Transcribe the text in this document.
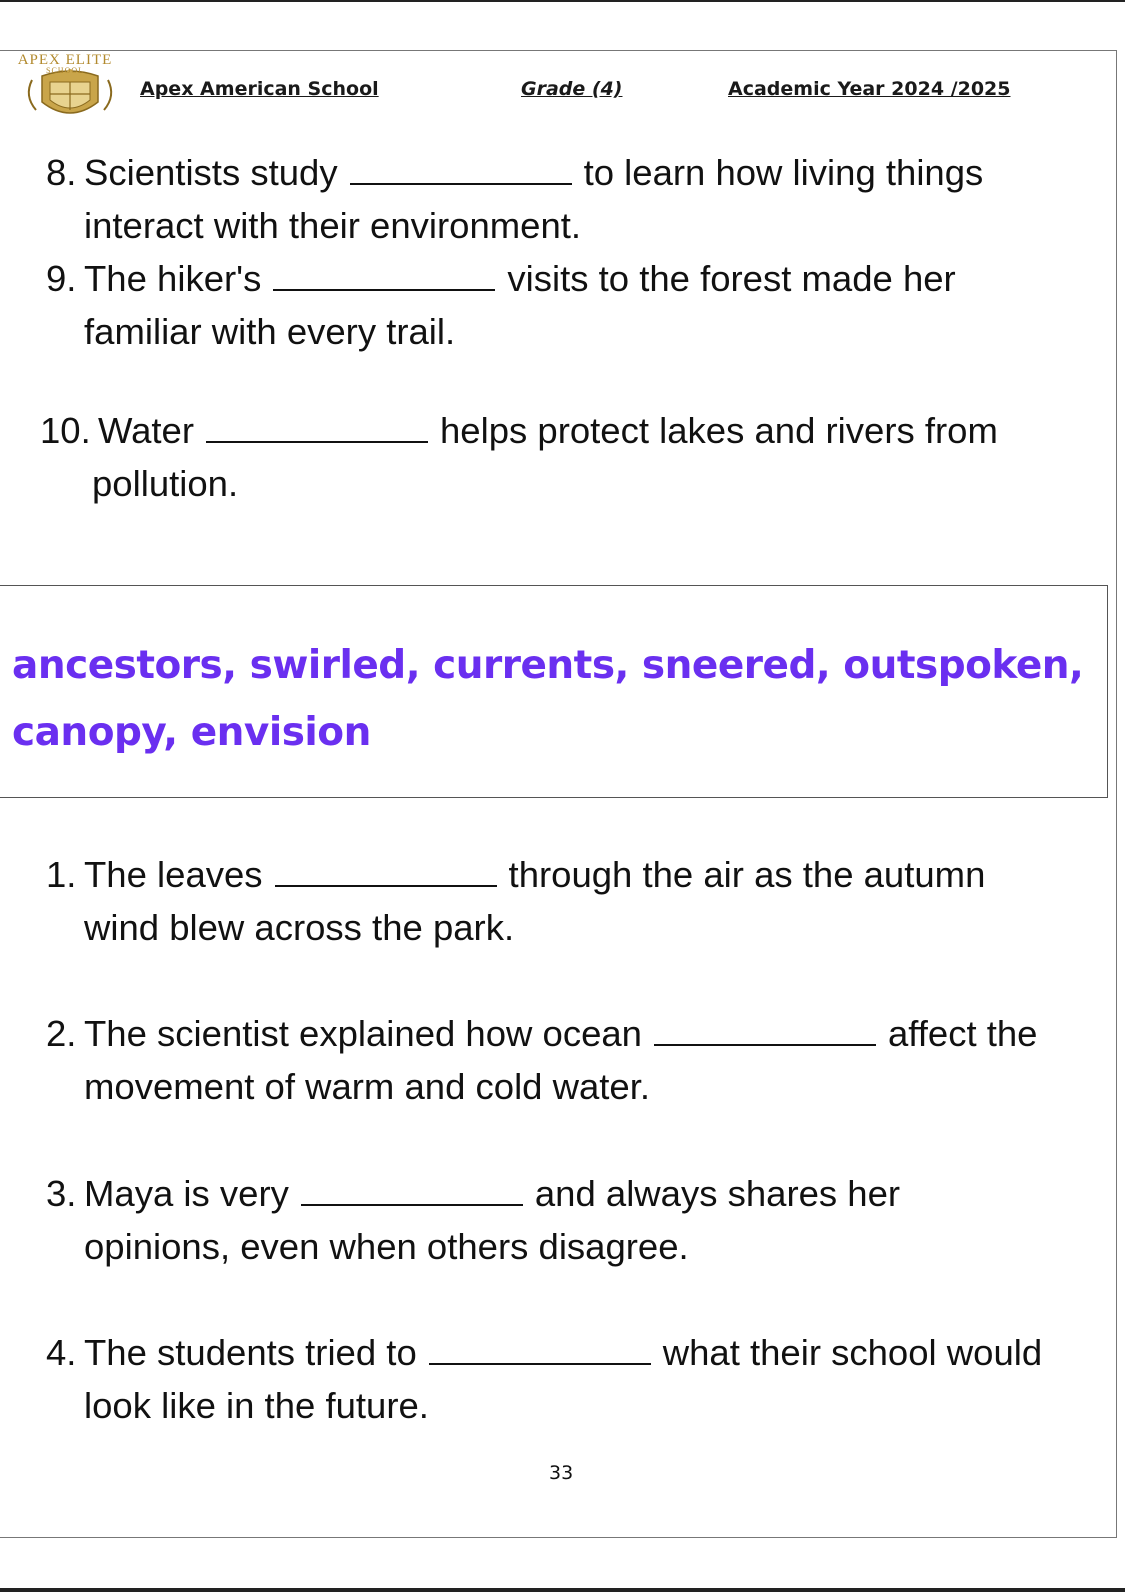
APEX ELITE
SCHOOL
Apex American School	Grade (4)	Academic Year 2024 /2025
8. Scientists study	to learn how living things
interact with their environment.
9. The hiker's	visits to the forest made her
familiar with every trail.
10. Water	helps protect lakes and rivers from
pollution.
ancestors, swirled, currents, sneered, outspoken,
canopy, envision
1. The leaves	through the air as the autumn
wind blew across the park.
2. The scientist explained how ocean	affect the
movement of warm and cold water.
3. Maya is very	and always shares her
opinions, even when others disagree.
4. The students tried to	what their school would
look like in the future.
33
